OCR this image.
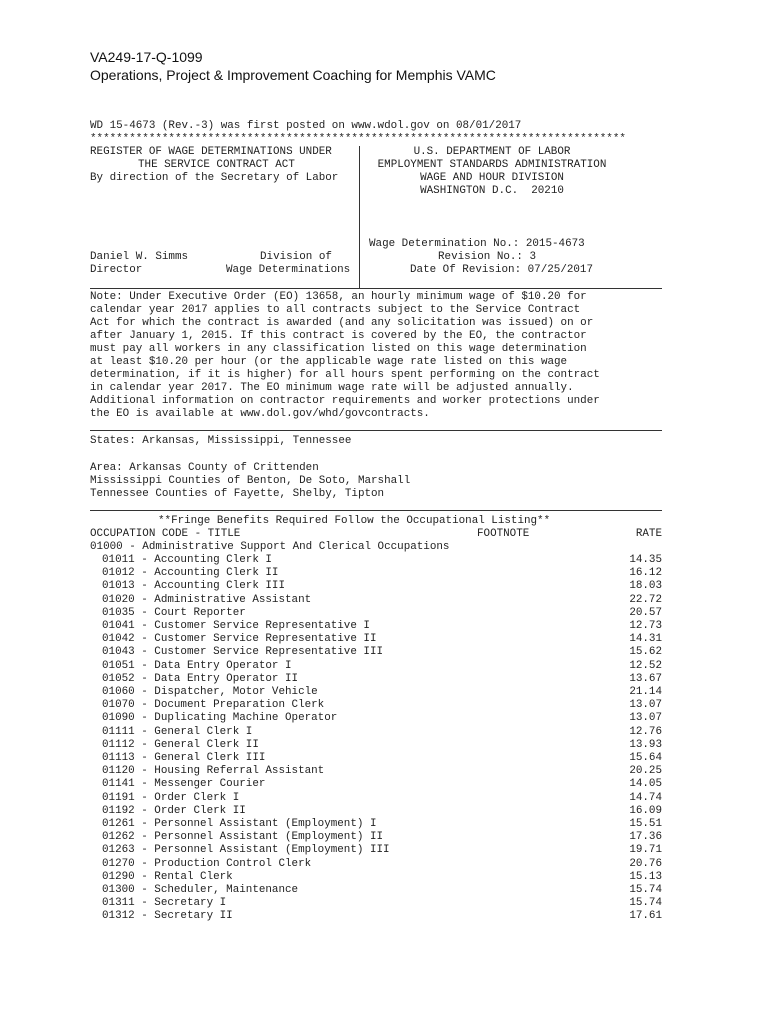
VA249-17-Q-1099
Operations, Project & Improvement Coaching for Memphis VAMC
WD 15-4673 (Rev.-3) was first posted on www.wdol.gov on 08/01/2017
**********************************************************************************
REGISTER OF WAGE DETERMINATIONS UNDER
THE SERVICE CONTRACT ACT
By direction of the Secretary of Labor
U.S. DEPARTMENT OF LABOR
EMPLOYMENT STANDARDS ADMINISTRATION
WAGE AND HOUR DIVISION
WASHINGTON D.C.  20210
Daniel W. Simms
Director
Division of
Wage Determinations
Wage Determination No.: 2015-4673
Revision No.: 3
Date Of Revision: 07/25/2017
Note: Under Executive Order (EO) 13658, an hourly minimum wage of $10.20 for
calendar year 2017 applies to all contracts subject to the Service Contract
Act for which the contract is awarded (and any solicitation was issued) on or
after January 1, 2015. If this contract is covered by the EO, the contractor
must pay all workers in any classification listed on this wage determination
at least $10.20 per hour (or the applicable wage rate listed on this wage
determination, if it is higher) for all hours spent performing on the contract
in calendar year 2017. The EO minimum wage rate will be adjusted annually.
Additional information on contractor requirements and worker protections under
the EO is available at www.dol.gov/whd/govcontracts.
States: Arkansas, Mississippi, Tennessee
Area: Arkansas County of Crittenden
Mississippi Counties of Benton, De Soto, Marshall
Tennessee Counties of Fayette, Shelby, Tipton
**Fringe Benefits Required Follow the Occupational Listing**
OCCUPATION CODE - TITLE	FOOTNOTE	RATE
01000 - Administrative Support And Clerical Occupations
01011 - Accounting Clerk I	14.35
01012 - Accounting Clerk II	16.12
01013 - Accounting Clerk III	18.03
01020 - Administrative Assistant	22.72
01035 - Court Reporter	20.57
01041 - Customer Service Representative I	12.73
01042 - Customer Service Representative II	14.31
01043 - Customer Service Representative III	15.62
01051 - Data Entry Operator I	12.52
01052 - Data Entry Operator II	13.67
01060 - Dispatcher, Motor Vehicle	21.14
01070 - Document Preparation Clerk	13.07
01090 - Duplicating Machine Operator	13.07
01111 - General Clerk I	12.76
01112 - General Clerk II	13.93
01113 - General Clerk III	15.64
01120 - Housing Referral Assistant	20.25
01141 - Messenger Courier	14.05
01191 - Order Clerk I	14.74
01192 - Order Clerk II	16.09
01261 - Personnel Assistant (Employment) I	15.51
01262 - Personnel Assistant (Employment) II	17.36
01263 - Personnel Assistant (Employment) III	19.71
01270 - Production Control Clerk	20.76
01290 - Rental Clerk	15.13
01300 - Scheduler, Maintenance	15.74
01311 - Secretary I	15.74
01312 - Secretary II	17.61
